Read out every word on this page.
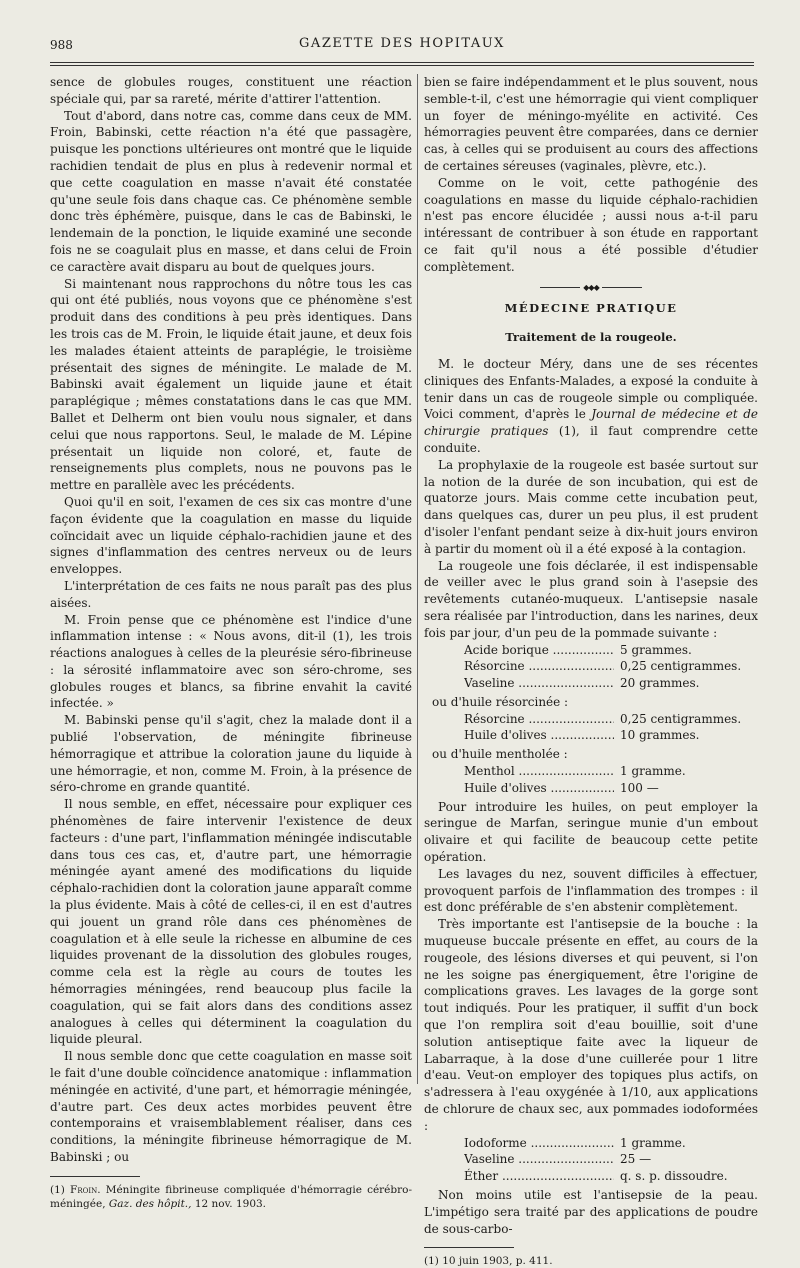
988	GAZETTE DES HOPITAUX

sence de globules rouges, constituent une réaction spéciale qui, par sa rareté, mérite d'attirer l'attention.

Tout d'abord, dans notre cas, comme dans ceux de MM. Froin, Babinski, cette réaction n'a été que passagère, puisque les ponctions ultérieures ont montré que le liquide rachidien tendait de plus en plus à redevenir normal et que cette coagulation en masse n'avait été constatée qu'une seule fois dans chaque cas. Ce phénomène semble donc très éphémère, puisque, dans le cas de Babinski, le lendemain de la ponction, le liquide examiné une seconde fois ne se coagulait plus en masse, et dans celui de Froin ce caractère avait disparu au bout de quelques jours.

Si maintenant nous rapprochons du nôtre tous les cas qui ont été publiés, nous voyons que ce phénomène s'est produit dans des conditions à peu près identiques. Dans les trois cas de M. Froin, le liquide était jaune, et deux fois les malades étaient atteints de paraplégie, le troisième présentait des signes de méningite. Le malade de M. Babinski avait également un liquide jaune et était paraplégique ; mêmes constatations dans le cas que MM. Ballet et Delherm ont bien voulu nous signaler, et dans celui que nous rapportons. Seul, le malade de M. Lépine présentait un liquide non coloré, et, faute de renseignements plus complets, nous ne pouvons pas le mettre en parallèle avec les précédents.

Quoi qu'il en soit, l'examen de ces six cas montre d'une façon évidente que la coagulation en masse du liquide coïncidait avec un liquide céphalo-rachidien jaune et des signes d'inflammation des centres nerveux ou de leurs enveloppes.

L'interprétation de ces faits ne nous paraît pas des plus aisées.

M. Froin pense que ce phénomène est l'indice d'une inflammation intense : « Nous avons, dit-il (1), les trois réactions analogues à celles de la pleurésie séro-fibrineuse : la sérosité inflammatoire avec son séro-chrome, ses globules rouges et blancs, sa fibrine envahit la cavité infectée. »

M. Babinski pense qu'il s'agit, chez la malade dont il a publié l'observation, de méningite fibrineuse hémorragique et attribue la coloration jaune du liquide à une hémorragie, et non, comme M. Froin, à la présence de séro-chrome en grande quantité.

Il nous semble, en effet, nécessaire pour expliquer ces phénomènes de faire intervenir l'existence de deux facteurs : d'une part, l'inflammation méningée indiscutable dans tous ces cas, et, d'autre part, une hémorragie méningée ayant amené des modifications du liquide céphalo-rachidien dont la coloration jaune apparaît comme la plus évidente. Mais à côté de celles-ci, il en est d'autres qui jouent un grand rôle dans ces phénomènes de coagulation et à elle seule la richesse en albumine de ces liquides provenant de la dissolution des globules rouges, comme cela est la règle au cours de toutes les hémorragies méningées, rend beaucoup plus facile la coagulation, qui se fait alors dans des conditions assez analogues à celles qui déterminent la coagulation du liquide pleural.

Il nous semble donc que cette coagulation en masse soit le fait d'une double coïncidence anatomique : inflammation méningée en activité, d'une part, et hémorragie méningée, d'autre part. Ces deux actes morbides peuvent être contemporains et vraisemblablement réaliser, dans ces conditions, la méningite fibrineuse hémorragique de M. Babinski ; ou

(1) Froin. Méningite fibrineuse compliquée d'hémorragie cérébro-méningée, Gaz. des hôpit., 12 nov. 1903.

bien se faire indépendamment et le plus souvent, nous semble-t-il, c'est une hémorragie qui vient compliquer un foyer de méningo-myélite en activité. Ces hémorragies peuvent être comparées, dans ce dernier cas, à celles qui se produisent au cours des affections de certaines séreuses (vaginales, plèvre, etc.).

Comme on le voit, cette pathogénie des coagulations en masse du liquide céphalo-rachidien n'est pas encore élucidée ; aussi nous a-t-il paru intéressant de contribuer à son étude en rapportant ce fait qu'il nous a été possible d'étudier complètement.

◆◆◆
MÉDECINE PRATIQUE
Traitement de la rougeole.

M. le docteur Méry, dans une de ses récentes cliniques des Enfants-Malades, a exposé la conduite à tenir dans un cas de rougeole simple ou compliquée. Voici comment, d'après le Journal de médecine et de chirurgie pratiques (1), il faut comprendre cette conduite.

La prophylaxie de la rougeole est basée surtout sur la notion de la durée de son incubation, qui est de quatorze jours. Mais comme cette incubation peut, dans quelques cas, durer un peu plus, il est prudent d'isoler l'enfant pendant seize à dix-huit jours environ à partir du moment où il a été exposé à la contagion.

La rougeole une fois déclarée, il est indispensable de veiller avec le plus grand soin à l'asepsie des revêtements cutanéo-muqueux. L'antisepsie nasale sera réalisée par l'introduction, dans les narines, deux fois par jour, d'un peu de la pommade suivante :

Acide borique .....	5 grammes.
Résorcine .....	0,25 centigrammes.
Vaseline .....	20 grammes.

ou d'huile résorcinée :

Résorcine .....	0,25 centigrammes.
Huile d'olives .....	10 grammes.

ou d'huile mentholée :

Menthol .....	1 gramme.
Huile d'olives .....	100 —

Pour introduire les huiles, on peut employer la seringue de Marfan, seringue munie d'un embout olivaire et qui facilite de beaucoup cette petite opération.

Les lavages du nez, souvent difficiles à effectuer, provoquent parfois de l'inflammation des trompes : il est donc préférable de s'en abstenir complètement.

Très importante est l'antisepsie de la bouche : la muqueuse buccale présente en effet, au cours de la rougeole, des lésions diverses et qui peuvent, si l'on ne les soigne pas énergiquement, être l'origine de complications graves. Les lavages de la gorge sont tout indiqués. Pour les pratiquer, il suffit d'un bock que l'on remplira soit d'eau bouillie, soit d'une solution antiseptique faite avec la liqueur de Labarraque, à la dose d'une cuillerée pour 1 litre d'eau. Veut-on employer des topiques plus actifs, on s'adressera à l'eau oxygénée à 1/10, aux applications de chlorure de chaux sec, aux pommades iodoformées :

Iodoforme .....	1 gramme.
Vaseline .....	25 —
Éther .....	q. s. p. dissoudre.

Non moins utile est l'antisepsie de la peau. L'impétigo sera traité par des applications de poudre de sous-carbo-

(1) 10 juin 1903, p. 411.
